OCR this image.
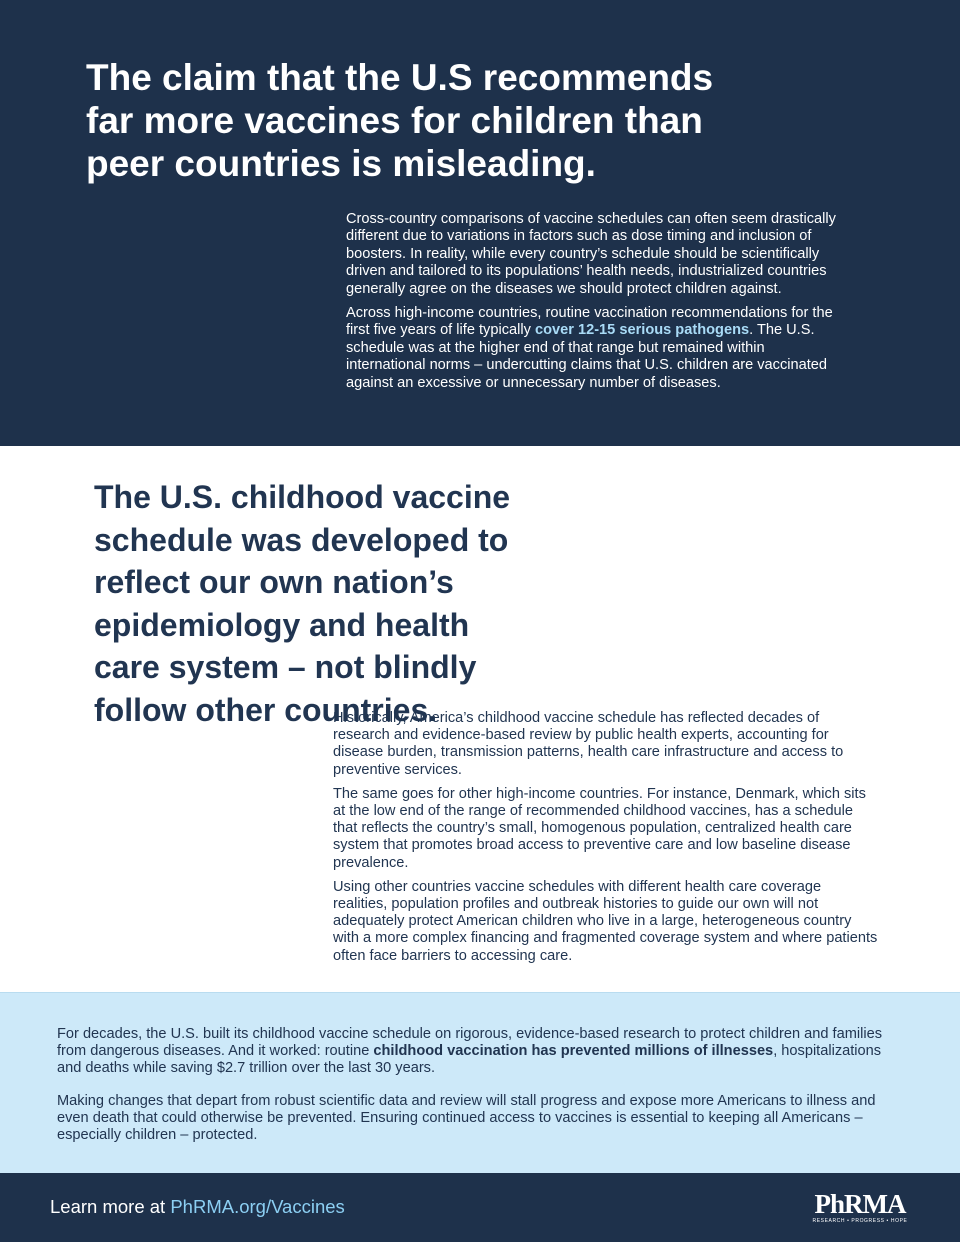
The claim that the U.S recommends far more vaccines for children than peer countries is misleading.

Cross-country comparisons of vaccine schedules can often seem drastically different due to variations in factors such as dose timing and inclusion of boosters. In reality, while every country’s schedule should be scientifically driven and tailored to its populations’ health needs, industrialized countries generally agree on the diseases we should protect children against.

Across high-income countries, routine vaccination recommendations for the first five years of life typically cover 12-15 serious pathogens. The U.S. schedule was at the higher end of that range but remained within international norms – undercutting claims that U.S. children are vaccinated against an excessive or unnecessary number of diseases.

The U.S. childhood vaccine schedule was developed to reflect our own nation’s epidemiology and health care system – not blindly follow other countries.

Historically, America’s childhood vaccine schedule has reflected decades of research and evidence-based review by public health experts, accounting for disease burden, transmission patterns, health care infrastructure and access to preventive services.

The same goes for other high-income countries. For instance, Denmark, which sits at the low end of the range of recommended childhood vaccines, has a schedule that reflects the country’s small, homogenous population, centralized health care system that promotes broad access to preventive care and low baseline disease prevalence.

Using other countries vaccine schedules with different health care coverage realities, population profiles and outbreak histories to guide our own will not adequately protect American children who live in a large, heterogeneous country with a more complex financing and fragmented coverage system and where patients often face barriers to accessing care.

For decades, the U.S. built its childhood vaccine schedule on rigorous, evidence-based research to protect children and families from dangerous diseases. And it worked: routine childhood vaccination has prevented millions of illnesses, hospitalizations and deaths while saving $2.7 trillion over the last 30 years.

Making changes that depart from robust scientific data and review will stall progress and expose more Americans to illness and even death that could otherwise be prevented. Ensuring continued access to vaccines is essential to keeping all Americans – especially children – protected.

Learn more at PhRMA.org/Vaccines	PhRMA
RESEARCH • PROGRESS • HOPE
